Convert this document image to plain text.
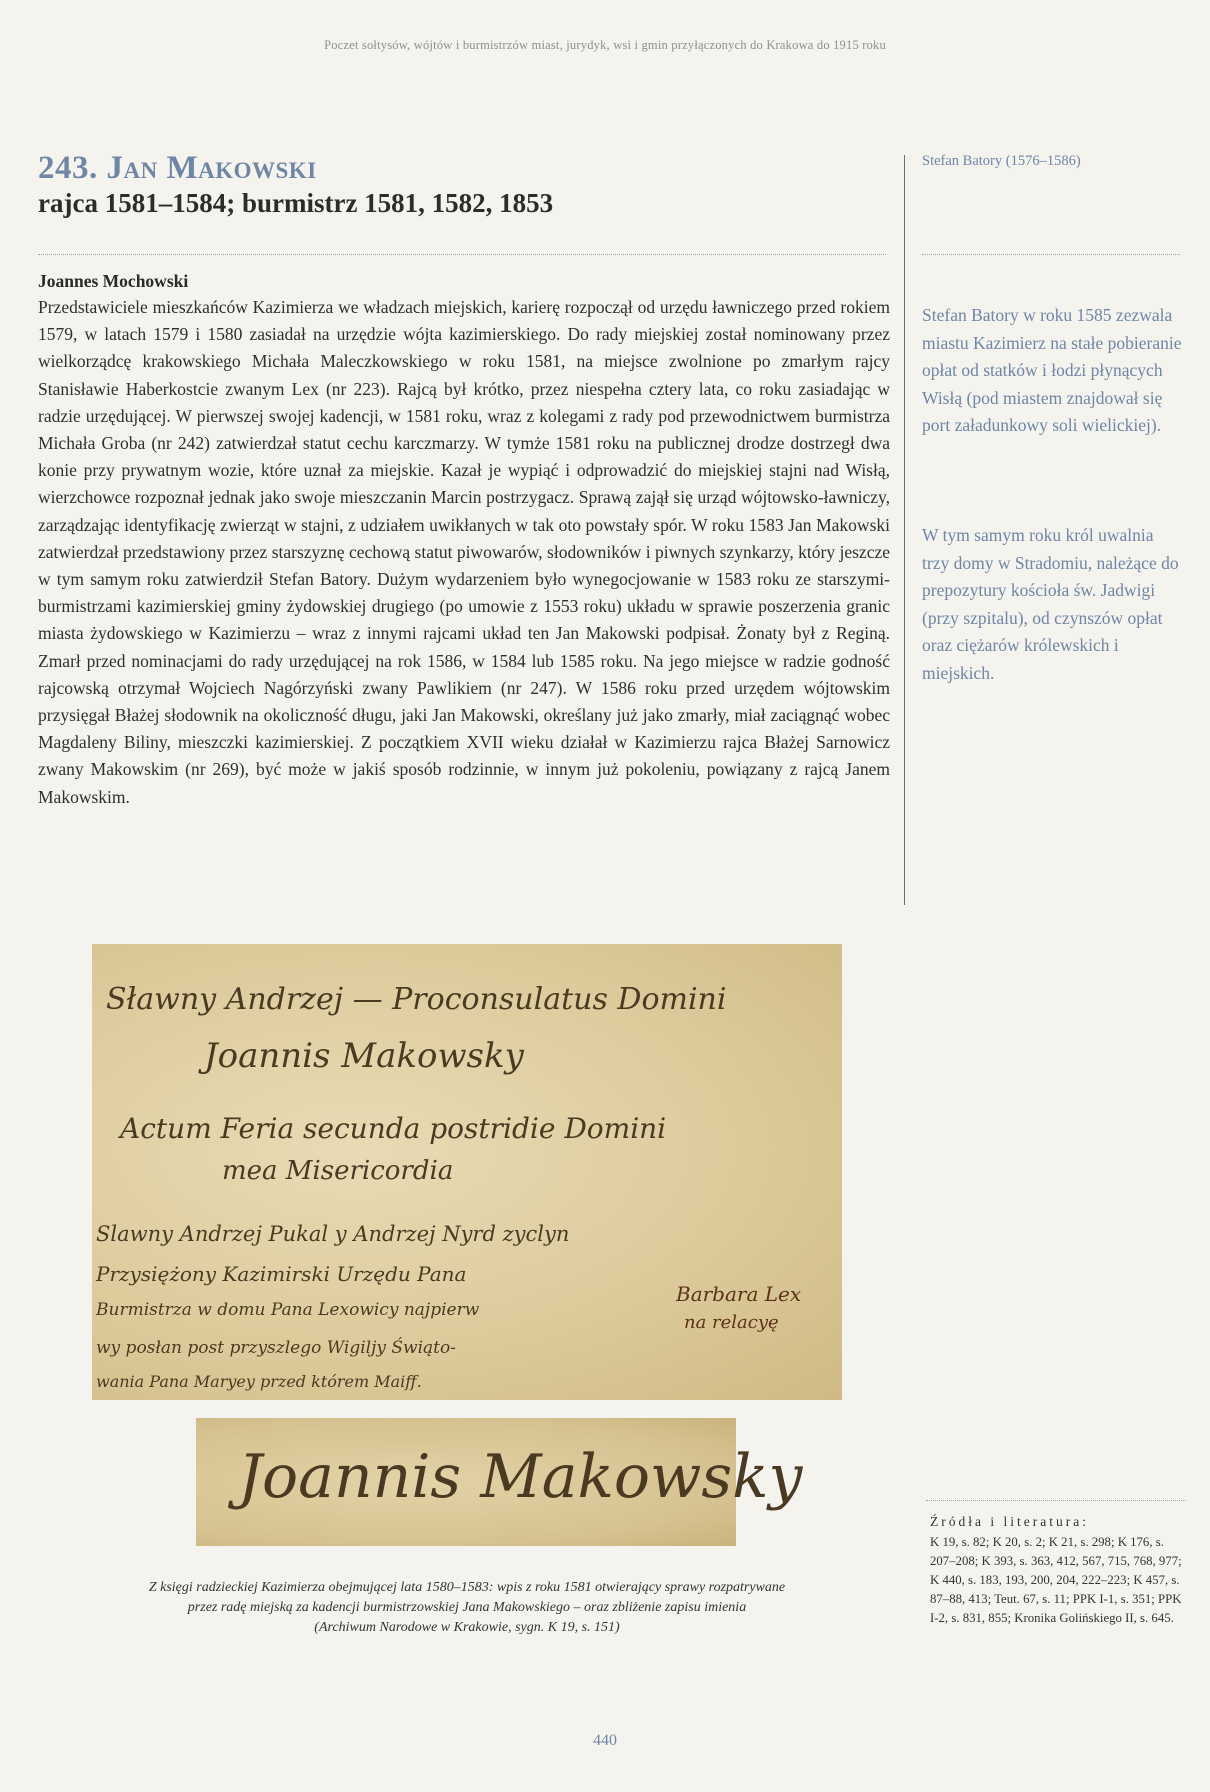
Poczet sołtysów, wójtów i burmistrzów miast, jurydyk, wsi i gmin przyłączonych do Krakowa do 1915 roku
243. Jan Makowski
rajca 1581–1584; burmistrz 1581, 1582, 1853

Joannes Mochowski

Przedstawiciele mieszkańców Kazimierza we władzach miejskich, karierę rozpoczął od urzędu ławniczego przed rokiem 1579, w latach 1579 i 1580 zasiadał na urzędzie wójta kazimierskiego. Do rady miejskiej został nominowany przez wielkorządcę krakowskiego Michała Maleczkowskiego w roku 1581, na miejsce zwolnione po zmarłym rajcy Stanisławie Haberkostcie zwanym Lex (nr 223). Rajcą był krótko, przez niespełna cztery lata, co roku zasiadając w radzie urzędującej. W pierwszej swojej kadencji, w 1581 roku, wraz z kolegami z rady pod przewodnictwem burmistrza Michała Groba (nr 242) zatwierdzał statut cechu karczmarzy. W tymże 1581 roku na publicznej drodze dostrzegł dwa konie przy prywatnym wozie, które uznał za miejskie. Kazał je wypiąć i odprowadzić do miejskiej stajni nad Wisłą, wierzchowce rozpoznał jednak jako swoje mieszczanin Marcin postrzygacz. Sprawą zajął się urząd wójtowsko-ławniczy, zarządzając identyfikację zwierząt w stajni, z udziałem uwikłanych w tak oto powstały spór. W roku 1583 Jan Makowski zatwierdzał przedstawiony przez starszyznę cechową statut piwowarów, słodowników i piwnych szynkarzy, który jeszcze w tym samym roku zatwierdził Stefan Batory. Dużym wydarzeniem było wynegocjowanie w 1583 roku ze starszymi-burmistrzami kazimierskiej gminy żydowskiej drugiego (po umowie z 1553 roku) układu w sprawie poszerzenia granic miasta żydowskiego w Kazimierzu – wraz z innymi rajcami układ ten Jan Makowski podpisał. Żonaty był z Reginą. Zmarł przed nominacjami do rady urzędującej na rok 1586, w 1584 lub 1585 roku. Na jego miejsce w radzie godność rajcowską otrzymał Wojciech Nagórzyński zwany Pawlikiem (nr 247). W 1586 roku przed urzędem wójtowskim przysięgał Błażej słodownik na okoliczność długu, jaki Jan Makowski, określany już jako zmarły, miał zaciągnąć wobec Magdaleny Biliny, mieszczki kazimierskiej. Z początkiem XVII wieku działał w Kazimierzu rajca Błażej Sarnowicz zwany Makowskim (nr 269), być może w jakiś sposób rodzinnie, w innym już pokoleniu, powiązany z rajcą Janem Makowskim.

Stefan Batory (1576–1586)

Stefan Batory w roku 1585 zezwala miastu Kazimierz na stałe pobieranie opłat od statków i łodzi płynących Wisłą (pod miastem znajdował się port załadunkowy soli wielickiej).

W tym samym roku król uwalnia trzy domy w Stradomiu, należące do prepozytury kościoła św. Jadwigi (przy szpitalu), od czynszów opłat oraz ciężarów królewskich i miejskich.

Sławny Andrzej — Proconsulatus Domini
Joannis Makowsky
Actum Feria secunda postridie Domini
mea Misericordia
Slawny Andrzej Pukal y Andrzej Nyrd zyclyn
Przysiężony Kazimirski Urzędu Pana
Burmistrza w domu Pana Lexowicy najpierw
wy posłan post przyszlego Wigiljy Świąto-
wania Pana Maryey przed którem Maiff.
Barbara Lex
na relacyę
Joannis Makowsky
Z księgi radzieckiej Kazimierza obejmującej lata 1580–1583: wpis z roku 1581 otwierający sprawy rozpatrywane
przez radę miejską za kadencji burmistrzowskiej Jana Makowskiego – oraz zbliżenie zapisu imienia
(Archiwum Narodowe w Krakowie, sygn. K 19, s. 151)
Źródła i literatura:
K 19, s. 82; K 20, s. 2; K 21, s. 298; K 176, s. 207–208; K 393, s. 363, 412, 567, 715, 768, 977; K 440, s. 183, 193, 200, 204, 222–223; K 457, s. 87–88, 413; Teut. 67, s. 11; PPK I-1, s. 351; PPK I-2, s. 831, 855; Kronika Golińskiego II, s. 645.
440
